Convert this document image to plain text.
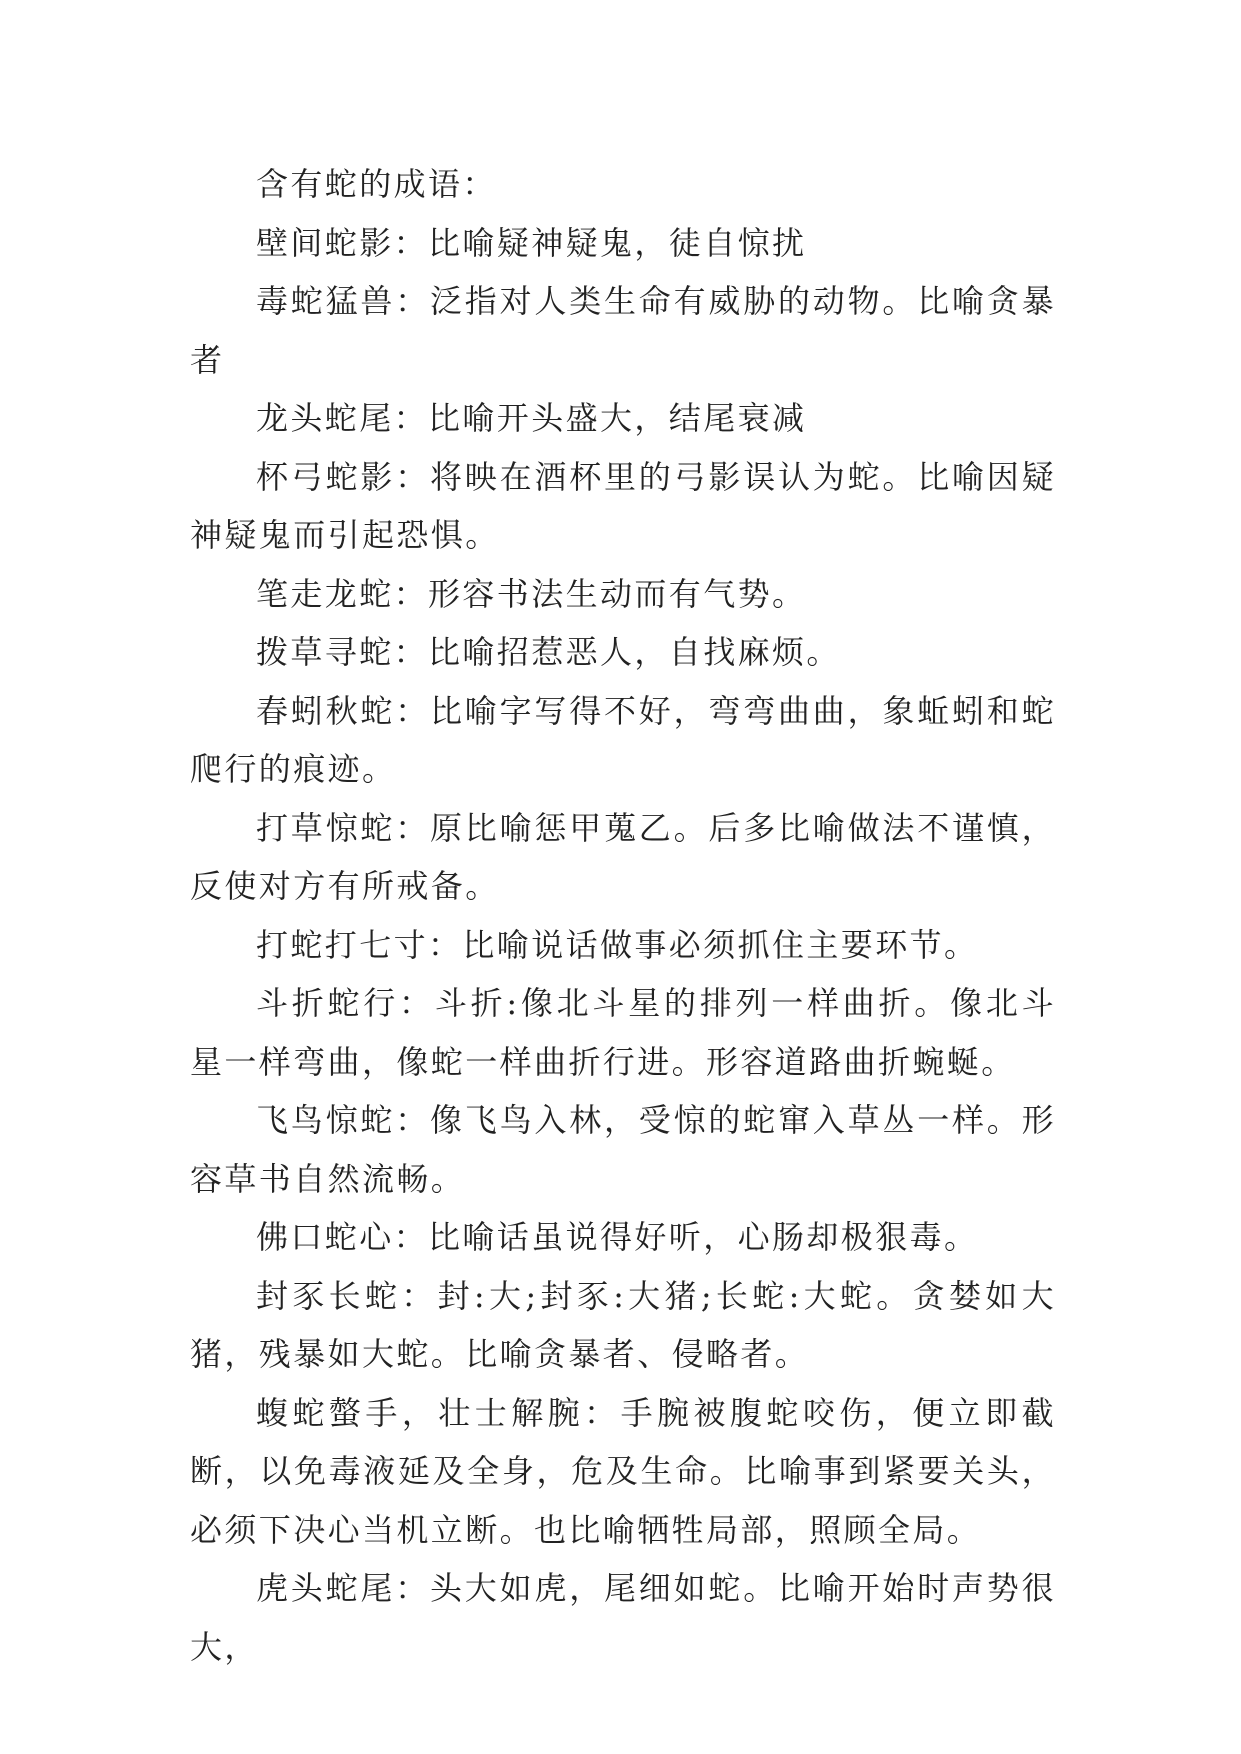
含有蛇的成语：

壁间蛇影：比喻疑神疑鬼，徒自惊扰

毒蛇猛兽：泛指对人类生命有威胁的动物。比喻贪暴者

龙头蛇尾：比喻开头盛大，结尾衰减

杯弓蛇影：将映在酒杯里的弓影误认为蛇。比喻因疑神疑鬼而引起恐惧。

笔走龙蛇：形容书法生动而有气势。

拨草寻蛇：比喻招惹恶人，自找麻烦。

春蚓秋蛇：比喻字写得不好，弯弯曲曲，象蚯蚓和蛇爬行的痕迹。

打草惊蛇：原比喻惩甲蒐乙。后多比喻做法不谨慎，反使对方有所戒备。

打蛇打七寸：比喻说话做事必须抓住主要环节。

斗折蛇行：斗折:像北斗星的排列一样曲折。像北斗星一样弯曲，像蛇一样曲折行进。形容道路曲折蜿蜒。

飞鸟惊蛇：像飞鸟入林，受惊的蛇窜入草丛一样。形容草书自然流畅。

佛口蛇心：比喻话虽说得好听，心肠却极狠毒。

封豕长蛇：封:大;封豕:大猪;长蛇:大蛇。贪婪如大猪，残暴如大蛇。比喻贪暴者、侵略者。

蝮蛇螫手，壮士解腕：手腕被腹蛇咬伤，便立即截断，以免毒液延及全身，危及生命。比喻事到紧要关头，必须下决心当机立断。也比喻牺牲局部，照顾全局。

虎头蛇尾：头大如虎，尾细如蛇。比喻开始时声势很大，
